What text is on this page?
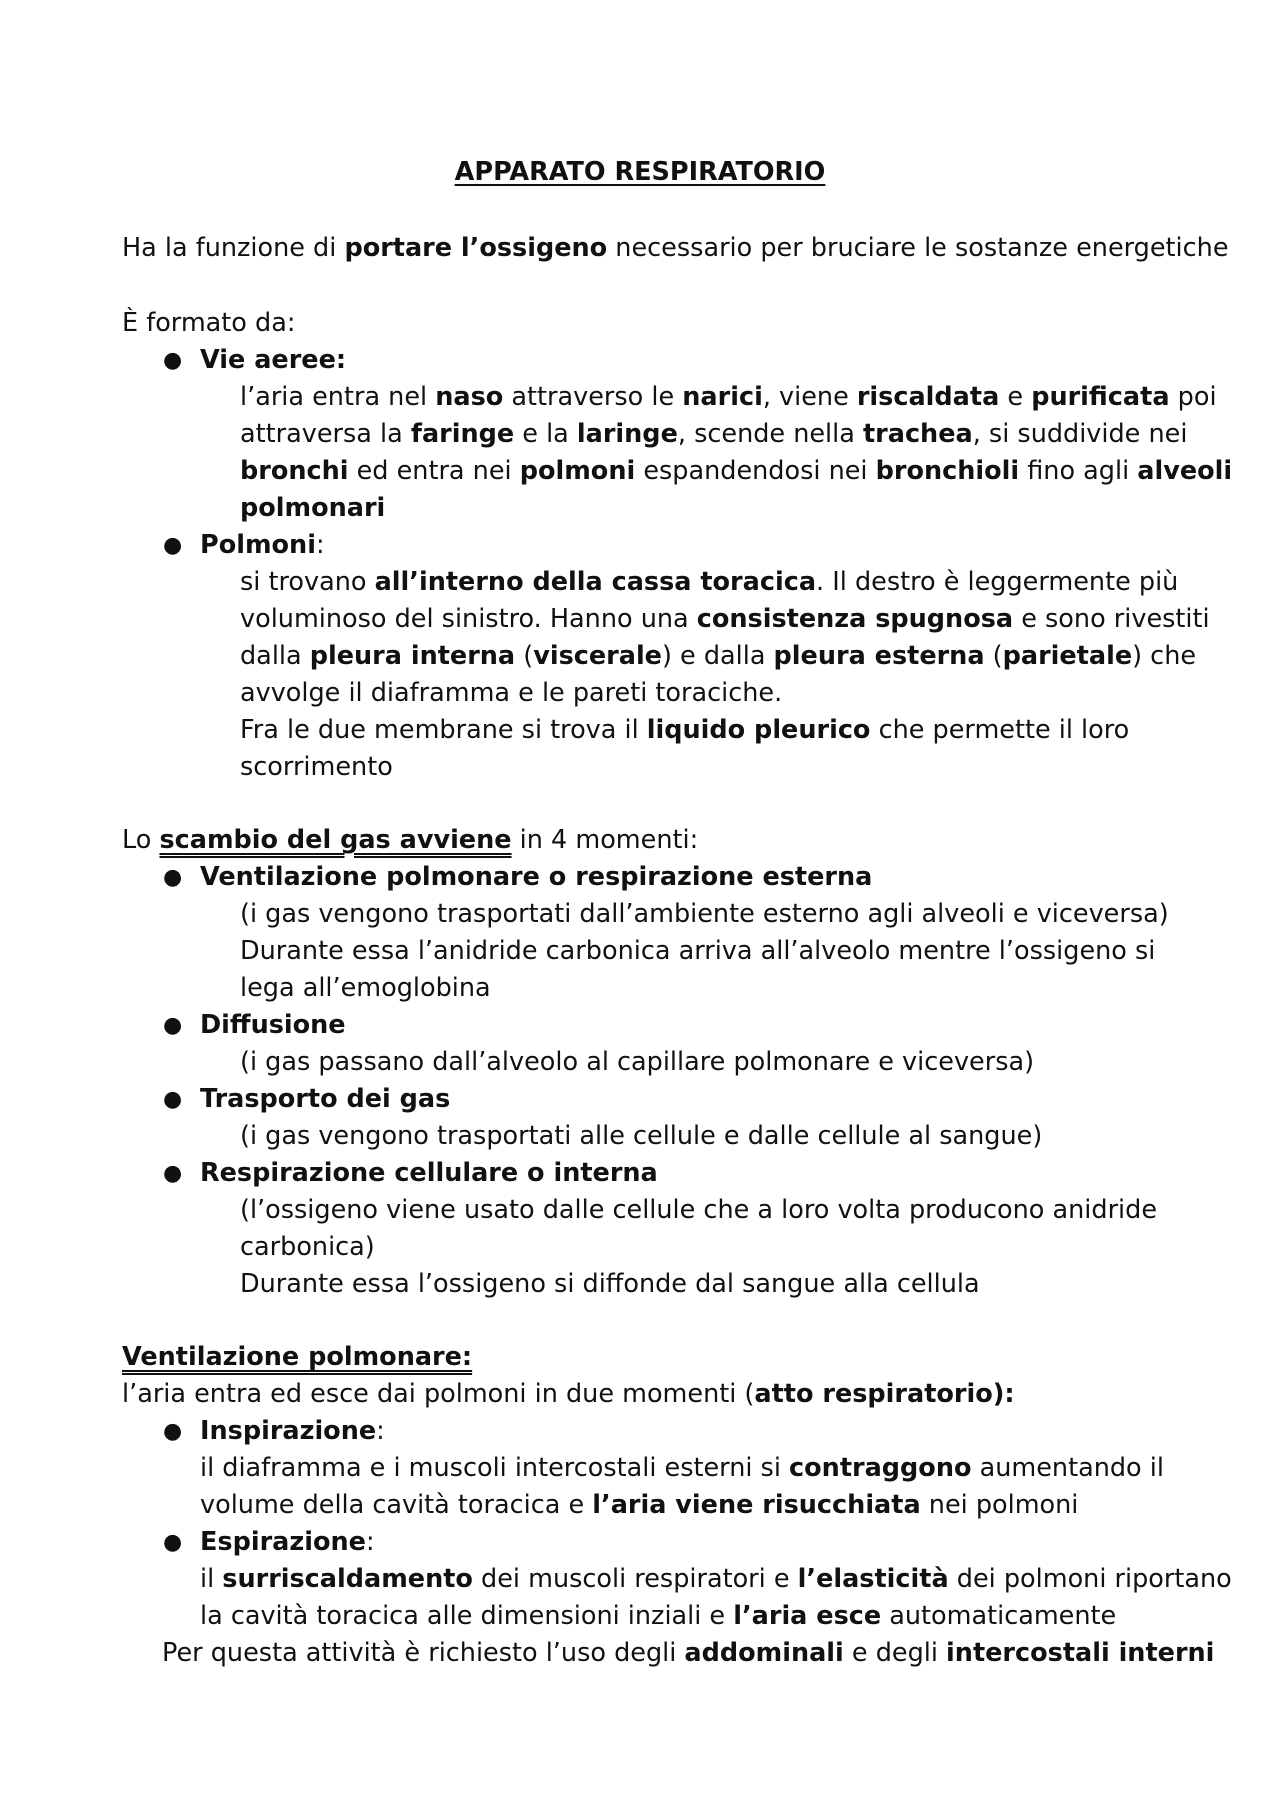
APPARATO RESPIRATORIO
Ha la funzione di portare l’ossigeno necessario per bruciare le sostanze energetiche
È formato da:
● Vie aeree:
l’aria entra nel naso attraverso le narici, viene riscaldata e purificata poi
attraversa la faringe e la laringe, scende nella trachea, si suddivide nei
bronchi ed entra nei polmoni espandendosi nei bronchioli fino agli alveoli
polmonari
● Polmoni:
si trovano all’interno della cassa toracica. Il destro è leggermente più
voluminoso del sinistro. Hanno una consistenza spugnosa e sono rivestiti
dalla pleura interna (viscerale) e dalla pleura esterna (parietale) che
avvolge il diaframma e le pareti toraciche.
Fra le due membrane si trova il liquido pleurico che permette il loro
scorrimento
Lo scambio del gas avviene in 4 momenti:
● Ventilazione polmonare o respirazione esterna
(i gas vengono trasportati dall’ambiente esterno agli alveoli e viceversa)
Durante essa l’anidride carbonica arriva all’alveolo mentre l’ossigeno si
lega all’emoglobina
● Diffusione
(i gas passano dall’alveolo al capillare polmonare e viceversa)
● Trasporto dei gas
(i gas vengono trasportati alle cellule e dalle cellule al sangue)
● Respirazione cellulare o interna
(l’ossigeno viene usato dalle cellule che a loro volta producono anidride
carbonica)
Durante essa l’ossigeno si diffonde dal sangue alla cellula
Ventilazione polmonare:
l’aria entra ed esce dai polmoni in due momenti (atto respiratorio):
● Inspirazione:
il diaframma e i muscoli intercostali esterni si contraggono aumentando il
volume della cavità toracica e l’aria viene risucchiata nei polmoni
● Espirazione:
il surriscaldamento dei muscoli respiratori e l’elasticità dei polmoni riportano
la cavità toracica alle dimensioni inziali e l’aria esce automaticamente
Per questa attività è richiesto l’uso degli addominali e degli intercostali interni
